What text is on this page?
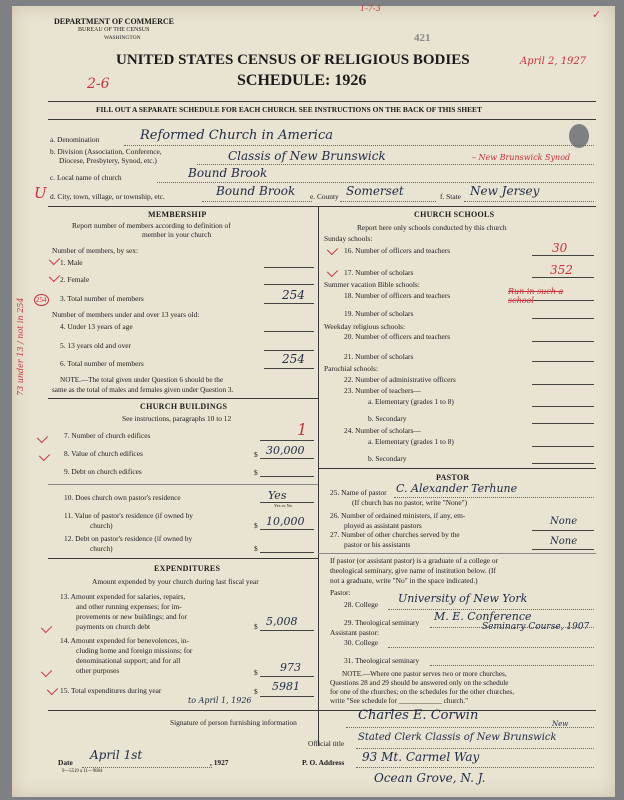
DEPARTMENT OF COMMERCE
BUREAU OF THE CENSUS
WASHINGTON
1-7-3
421
UNITED STATES CENSUS OF RELIGIOUS BODIES
SCHEDULE: 1926
April 2, 1927
2-6
✓
FILL OUT A SEPARATE SCHEDULE FOR EACH CHURCH. SEE INSTRUCTIONS ON THE BACK OF THIS SHEET
a. Denomination	Reformed Church in America
b. Division (Association, Conference,
Diocese, Presbytery, Synod, etc.)	Classis of New Brunswick	– New Brunswick Synod
c. Local name of church	Bound Brook
U d. City, town, village, or township, etc.	Bound Brook e. County Somerset	f. State New Jersey
MEMBERSHIP
Report number of members according to definition of
member in your church
Number of members, by sex:
1. Male
2. Female
3. Total number of members	254
254
Number of members under and over 13 years old:
4. Under 13 years of age
5. 13 years old and over
6. Total number of members	254
73 under 13 / not in 254	NOTE.—The total given under Question 6 should be the
same as the total of males and females given under Question 3.
CHURCH BUILDINGS
See instructions, paragraphs 10 to 12
7. Number of church edifices	1
8. Value of church edifices	$ 30,000
9. Debt on church edifices	$
10. Does church own pastor's residence	Yes
Yes or No
11. Value of pastor's residence (if owned by
church)	$ 10,000
12. Debt on pastor's residence (if owned by
church)	$
EXPENDITURES
Amount expended by your church during last fiscal year
13. Amount expended for salaries, repairs,
and other running expenses; for im-
provements or new buildings; and for
payments on church debt	$ 5,008
14. Amount expended for benevolences, in-
cluding home and foreign missions; for
denominational support; and for all
other purposes	$ 973
15. Total expenditures during year	$ 5981
to April 1, 1926
CHURCH SCHOOLS
Report here only schools conducted by this church
Sunday schools:
16. Number of officers and teachers	30
17. Number of scholars	352
Summer vacation Bible schools:
18. Number of officers and teachers	Run in such a school
19. Number of scholars
Weekday religious schools:
20. Number of officers and teachers
21. Number of scholars
Parochial schools:
22. Number of administrative officers
23. Number of teachers—
a. Elementary (grades 1 to 8)
b. Secondary
24. Number of scholars—
a. Elementary (grades 1 to 8)
b. Secondary
PASTOR
25. Name of pastor C. Alexander Terhune
(If church has no pastor, write "None")
26. Number of ordained ministers, if any, em-
ployed as assistant pastors	None
27. Number of other churches served by the
pastor or his assistants	None
If pastor (or assistant pastor) is a graduate of a college or
theological seminary, give name of institution below. (If
not a graduate, write "No" in the space indicated.)
Pastor:
28. College University of New York
29. Theological seminary M. E. Conference
Seminary Course, 1907
Assistant pastor:
30. College
31. Theological seminary
NOTE.—Where one pastor serves two or more churches,
Questions 28 and 29 should be answered only on the schedule
for one of the churches; on the schedules for the other churches,
write "See schedule for ____________ church."
Signature of person furnishing information	Charles E. Corwin
Official title
Stated Clerk Classis of New Brunswick
New
Date
April 1st
, 1927	P. O. Address 93 Mt. Carmel Way
Ocean Grove, N. J.
9—5519 a 11—9084
